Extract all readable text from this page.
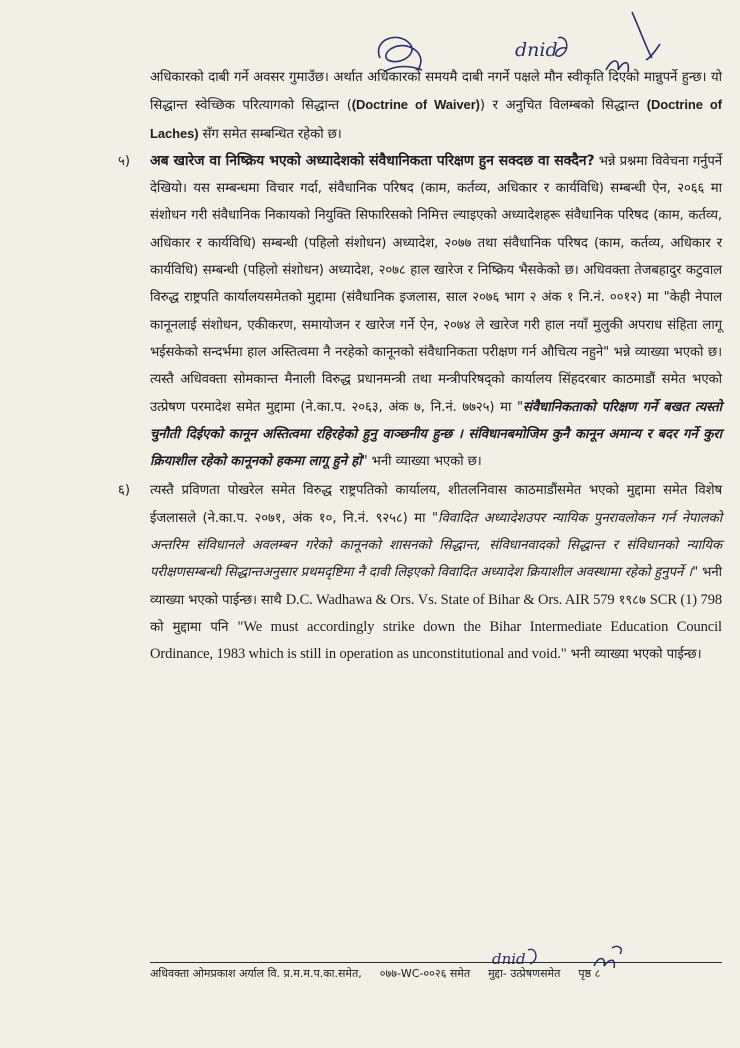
dnid

अधिकारको दाबी गर्ने अवसर गुमाउँछ। अर्थात अधिकारको समयमै दाबी नगर्ने पक्षले मौन स्वीकृति दिएको मान्नुपर्ने हुन्छ। यो सिद्धान्त स्वेच्छिक परित्यागको सिद्धान्त ((Doctrine of Waiver)) र अनुचित विलम्बको सिद्धान्त (Doctrine of Laches) सँग समेत सम्बन्धित रहेको छ।

५) अब खारेज वा निष्क्रिय भएको अध्यादेशको संवैधानिकता परिक्षण हुन सक्दछ वा सक्दैन? भन्ने प्रश्नमा विवेचना गर्नुपर्ने देखियो। यस सम्बन्धमा विचार गर्दा, संवैधानिक परिषद (काम, कर्तव्य, अधिकार र कार्यविधि) सम्बन्धी ऐन, २०६६ मा संशोधन गरी संवैधानिक निकायको नियुक्ति सिफारिसको निमित्त ल्याइएको अध्यादेशहरू संवैधानिक परिषद (काम, कर्तव्य, अधिकार र कार्यविधि) सम्बन्धी (पहिलो संशोधन) अध्यादेश, २०७७ तथा संवैधानिक परिषद (काम, कर्तव्य, अधिकार र कार्यविधि) सम्बन्धी (पहिलो संशोधन) अध्यादेश, २०७८ हाल खारेज र निष्क्रिय भैसकेको छ। अधिवक्ता तेजबहादुर कटुवाल विरुद्ध राष्ट्रपति कार्यालयसमेतको मुद्दामा (संवैधानिक इजलास, साल २०७६ भाग २ अंक १ नि.नं. ००१२) मा "केही नेपाल कानूनलाई संशोधन, एकीकरण, समायोजन र खारेज गर्ने ऐन, २०७४ ले खारेज गरी हाल नयाँ मुलुकी अपराध संहिता लागू भईसकेको सन्दर्भमा हाल अस्तित्वमा नै नरहेको कानूनको संवैधानिकता परीक्षण गर्न औचित्य नहुने" भन्ने व्याख्या भएको छ। त्यस्तै अधिवक्ता सोमकान्त मैनाली विरुद्ध प्रधानमन्त्री तथा मन्त्रीपरिषद्को कार्यालय सिंहदरबार काठमाडौं समेत भएको उत्प्रेषण परमादेश समेत मुद्दामा (ने.का.प. २०६३, अंक ७, नि.नं. ७७२५) मा "संवैधानिकताको परिक्षण गर्ने बखत त्यस्तो चुनौती दिईएको कानून अस्तित्वमा रहिरहेको हुनु वाञ्छनीय हुन्छ । संविधानबमोजिम कुनै कानून अमान्य र बदर गर्ने कुरा क्रियाशील रहेको कानूनको हकमा लागू हुने हो" भनी व्याख्या भएको छ।

६) त्यस्तै प्रविणता पोखरेल समेत विरुद्ध राष्ट्रपतिको कार्यालय, शीतलनिवास काठमाडौंसमेत भएको मुद्दामा समेत विशेष ईजलासले (ने.का.प. २०७१, अंक १०, नि.नं. ९२५८) मा "विवादित अध्यादेशउपर न्यायिक पुनरावलोकन गर्न नेपालको अन्तरिम संविधानले अवलम्बन गरेको कानूनको शासनको सिद्धान्त, संविधानवादको सिद्धान्त र संविधानको न्यायिक परीक्षणसम्बन्धी सिद्धान्तअनुसार प्रथमदृष्टिमा नै दावी लिइएको विवादित अध्यादेश क्रियाशील अवस्थामा रहेको हुनुपर्ने ।" भनी व्याख्या भएको पाईन्छ। साथै D.C. Wadhawa & Ors. Vs. State of Bihar & Ors. AIR 579 १९८७ SCR (1) 798 को मुद्दामा पनि "We must accordingly strike down the Bihar Intermediate Education Council Ordinance, 1983 which is still in operation as unconstitutional and void." भनी व्याख्या भएको पाईन्छ।

dnid
अधिवक्ता ओमप्रकाश अर्याल वि. प्र.म.म.प.का.समेत, ०७७-WC-००२६ समेत मुद्दा- उत्प्रेषणसमेत पृष्ठ ८
